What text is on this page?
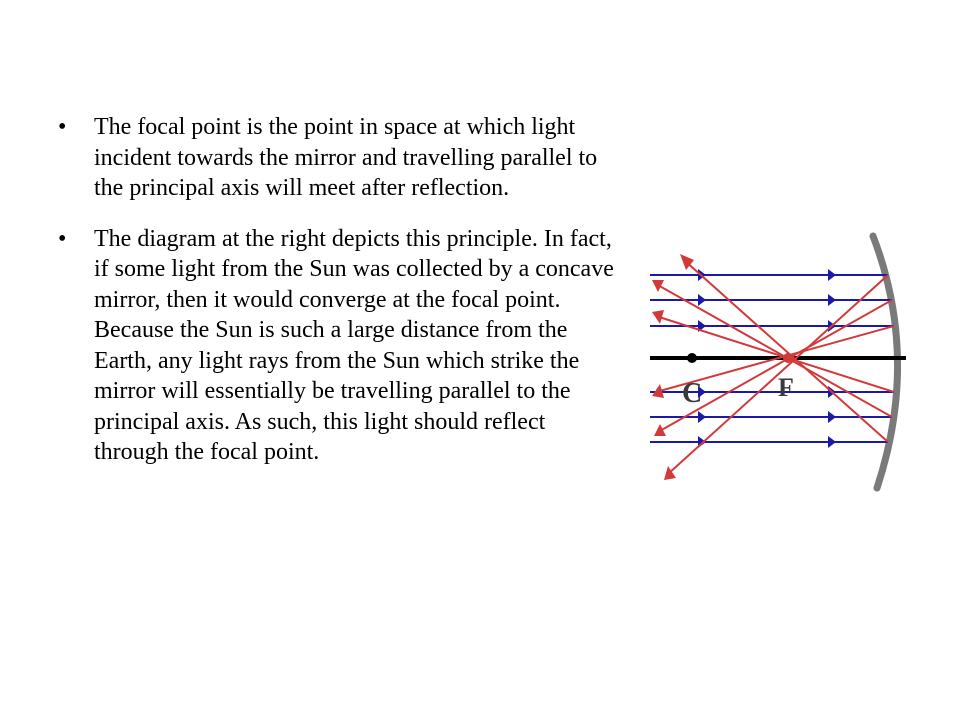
• The focal point is the point in space at which light incident towards the mirror and travelling parallel to the principal axis will meet after reflection.
• The diagram at the right depicts this principle. In fact, if some light from the Sun was collected by a concave mirror, then it would converge at the focal point. Because the Sun is such a large distance from the Earth, any light rays from the Sun which strike the mirror will essentially be travelling parallel to the principal axis. As such, this light should reflect through the focal point.
C	F
